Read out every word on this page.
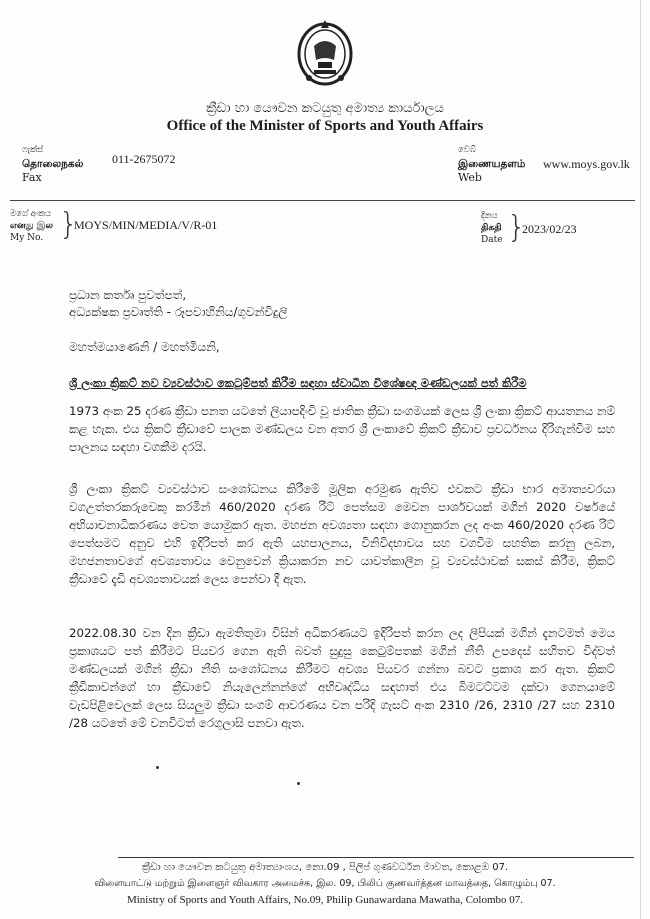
ක්‍රීඩා හා යෞවන කටයුතු අමාත්‍ය කාර්යාලය
Office of the Minister of Sports and Youth Affairs
ෆැක්ස්
தொலைநகல்
Fax
011-2675072
වෙබ්
இணையதளம்
Web
www.moys.gov.lk
මගේ අංකය
எனது இல
My No. }
MOYS/MIN/MEDIA/V/R-01
දිනය
திகதி
Date }
2023/02/23
ප්‍රධාන කර්තෘ පුවත්පත්,
අධ්‍යක්ෂක ප්‍රවෘත්ති - රූපවාහිනිය/ගුවන්විදුලි
මහත්මයාණෙනි / මහත්මියනි,
ශ්‍රී ලංකා ක්‍රිකට් නව ව්‍යවස්ථාව කෙටුම්පත් කිරීම සඳහා ස්වාධීන විශේෂඥ මණ්ඩලයක් පත් කිරීම
1973 අංක 25 දරණ ක්‍රීඩා පනත යටතේ ලියාපදිංචි වූ ජාතික ක්‍රීඩා සංගමයක් ලෙස ශ්‍රී ලංකා ක්‍රිකට් ආයතනය නම් කළ හැක. එය ක්‍රිකට් ක්‍රීඩාවේ පාලක මණ්ඩලය වන අතර ශ්‍රී ලංකාවේ ක්‍රිකට් ක්‍රීඩාව ප්‍රවර්ධනය දිරිගැන්වීම සහ පාලනය සඳහා වගකීම දරයි.
ශ්‍රී ලංකා ක්‍රිකට් ව්‍යවස්ථාව සංශෝධනය කිරීමේ මූලික අරමුණ ඇතිව එවකට ක්‍රීඩා භාර අමාත්‍යවරයා වගඋත්තරකරුවෙකු කරමින් 460/2020 දරණ රිට් පෙත්සම මෙවන පාර්ශවයක් මගින් 2020 වර්ෂයේ අභියාචනාධිකරණය වෙත යොමුකර ඇත. මහජන අවශ්‍යතා සඳහා ගොනුකරන ලද අංක 460/2020 දරණ රිට් පෙත්සමට අනුව එහි ඉදිරිපත් කර ඇති යහපාලනය, විනිවිදභාවය සහ වගවීම සහතික කරනු ලබන, මහජනතාවගේ අවශ්‍යතාවය වෙනුවෙන් ක්‍රියාකරන නව යාවත්කාලීන වූ ව්‍යවස්ථාවක් සකස් කිරීම, ක්‍රිකට් ක්‍රීඩාවේ දැඩි අවශ්‍යතාවයක් ලෙස පෙන්වා දී ඇත.
2022.08.30 වන දින ක්‍රීඩා ඇමතිතුමා විසින් අධිකරණයට ඉදිරිපත් කරන ලද ලිපියක් මගින් දැනටමත් මෙය ප්‍රකාශයට පත් කිරීමට පියවර ගෙන ඇති බවත් සුදුසු කෙටුම්පතක් මගින් නීති උපදෙස් සහිතව විද්වත් මණ්ඩලයක් මගින් ක්‍රීඩා නීති සංශෝධනය කිරීමට අවශ්‍ය පියවර ගන්නා බවට ප්‍රකාශ කර ඇත. ක්‍රිකට් ක්‍රීඩිකාවන්ගේ හා ක්‍රීඩාවේ නියැලෙන්නන්ගේ අභිවෘද්ධිය සඳහාත් එය බිමටට්ටම දක්වා ගෙනයාමේ වැඩපිළිවෙලක් ලෙස සියලුම ක්‍රීඩා සංගම් ආවරණය වන පරිදි ගැසට් අංක 2310 /26, 2310 /27 සහ 2310 /28 යටතේ මේ වනවිටත් රෙගුලාසි පනවා ඇත.
ක්‍රීඩා හා යෞවන කටයුතු අමාත්‍යාංශය, නො.09 , පිලිප් ගුණවර්ධන මාවත, කොළඹ 07.
விளையாட்டு மற்றும் இளைஞர் விவகார அமைச்சு, இல. 09, பிலிப் குணவர்த்தன மாவத்தை, கொழும்பு 07.
Ministry of Sports and Youth Affairs, No.09, Philip Gunawardana Mawatha, Colombo 07.
